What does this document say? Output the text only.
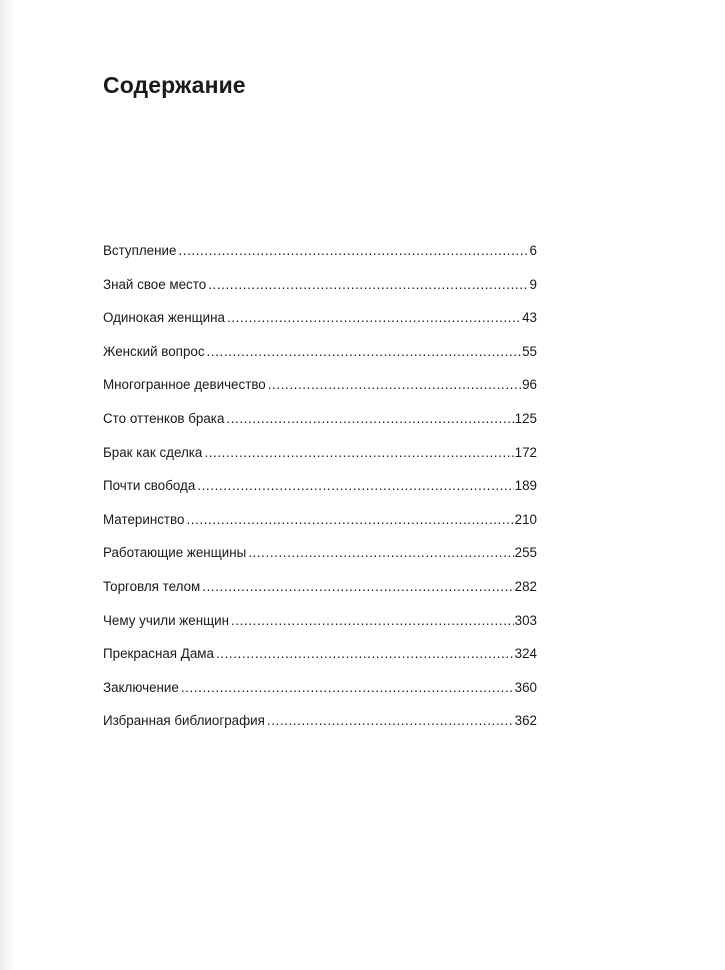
Содержание
Вступление .....	6
Знай свое место .....	9
Одинокая женщина .....	43
Женский вопрос .....	55
Многогранное девичество .....	96
Сто оттенков брака .....	125
Брак как сделка .....	172
Почти свобода .....	189
Материнство .....	210
Работающие женщины .....	255
Торговля телом .....	282
Чему учили женщин .....	303
Прекрасная Дама .....	324
Заключение .....	360
Избранная библиография .....	362
